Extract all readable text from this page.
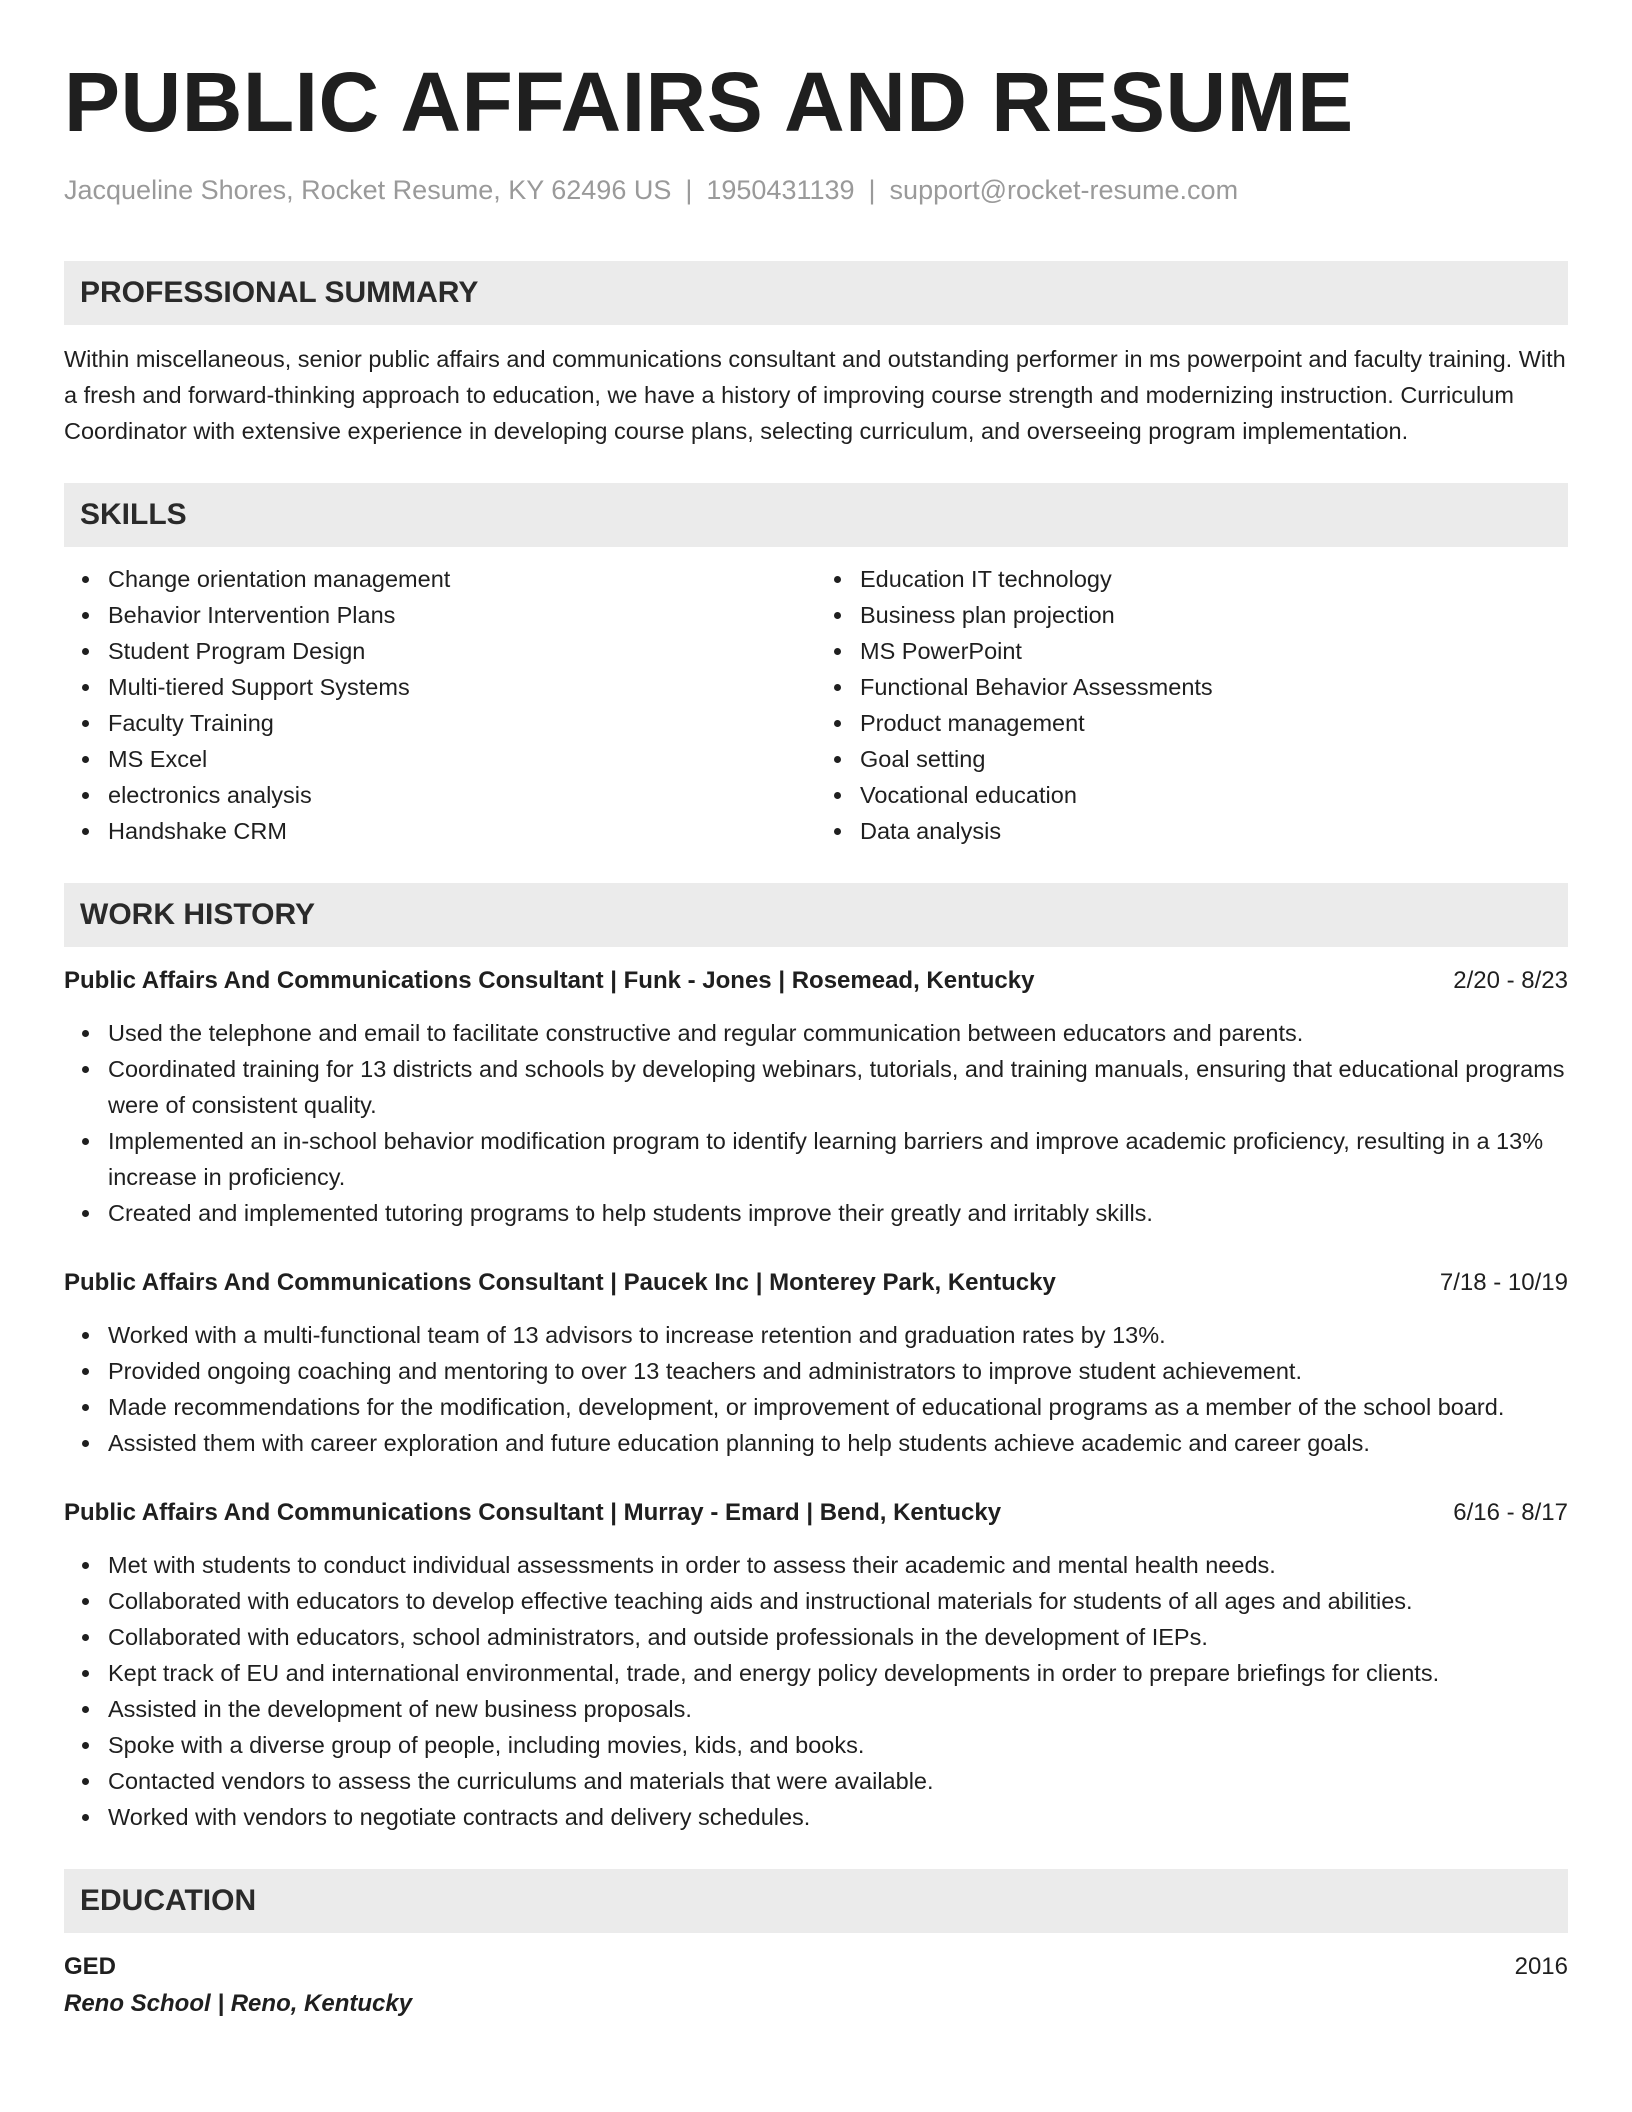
PUBLIC AFFAIRS AND RESUME
Jacqueline Shores, Rocket Resume, KY 62496 US | 1950431139 | support@rocket-resume.com
PROFESSIONAL SUMMARY
Within miscellaneous, senior public affairs and communications consultant and outstanding performer in ms powerpoint and faculty training. With a fresh and forward-thinking approach to education, we have a history of improving course strength and modernizing instruction. Curriculum Coordinator with extensive experience in developing course plans, selecting curriculum, and overseeing program implementation.
SKILLS
Change orientation management
Behavior Intervention Plans
Student Program Design
Multi-tiered Support Systems
Faculty Training
MS Excel
electronics analysis
Handshake CRM
Education IT technology
Business plan projection
MS PowerPoint
Functional Behavior Assessments
Product management
Goal setting
Vocational education
Data analysis
WORK HISTORY
Public Affairs And Communications Consultant | Funk - Jones | Rosemead, Kentucky	2/20 - 8/23
Used the telephone and email to facilitate constructive and regular communication between educators and parents.
Coordinated training for 13 districts and schools by developing webinars, tutorials, and training manuals, ensuring that educational programs were of consistent quality.
Implemented an in-school behavior modification program to identify learning barriers and improve academic proficiency, resulting in a 13% increase in proficiency.
Created and implemented tutoring programs to help students improve their greatly and irritably skills.
Public Affairs And Communications Consultant | Paucek Inc | Monterey Park, Kentucky	7/18 - 10/19
Worked with a multi-functional team of 13 advisors to increase retention and graduation rates by 13%.
Provided ongoing coaching and mentoring to over 13 teachers and administrators to improve student achievement.
Made recommendations for the modification, development, or improvement of educational programs as a member of the school board.
Assisted them with career exploration and future education planning to help students achieve academic and career goals.
Public Affairs And Communications Consultant | Murray - Emard | Bend, Kentucky	6/16 - 8/17
Met with students to conduct individual assessments in order to assess their academic and mental health needs.
Collaborated with educators to develop effective teaching aids and instructional materials for students of all ages and abilities.
Collaborated with educators, school administrators, and outside professionals in the development of IEPs.
Kept track of EU and international environmental, trade, and energy policy developments in order to prepare briefings for clients.
Assisted in the development of new business proposals.
Spoke with a diverse group of people, including movies, kids, and books.
Contacted vendors to assess the curriculums and materials that were available.
Worked with vendors to negotiate contracts and delivery schedules.
EDUCATION
GED	2016
Reno School | Reno, Kentucky
